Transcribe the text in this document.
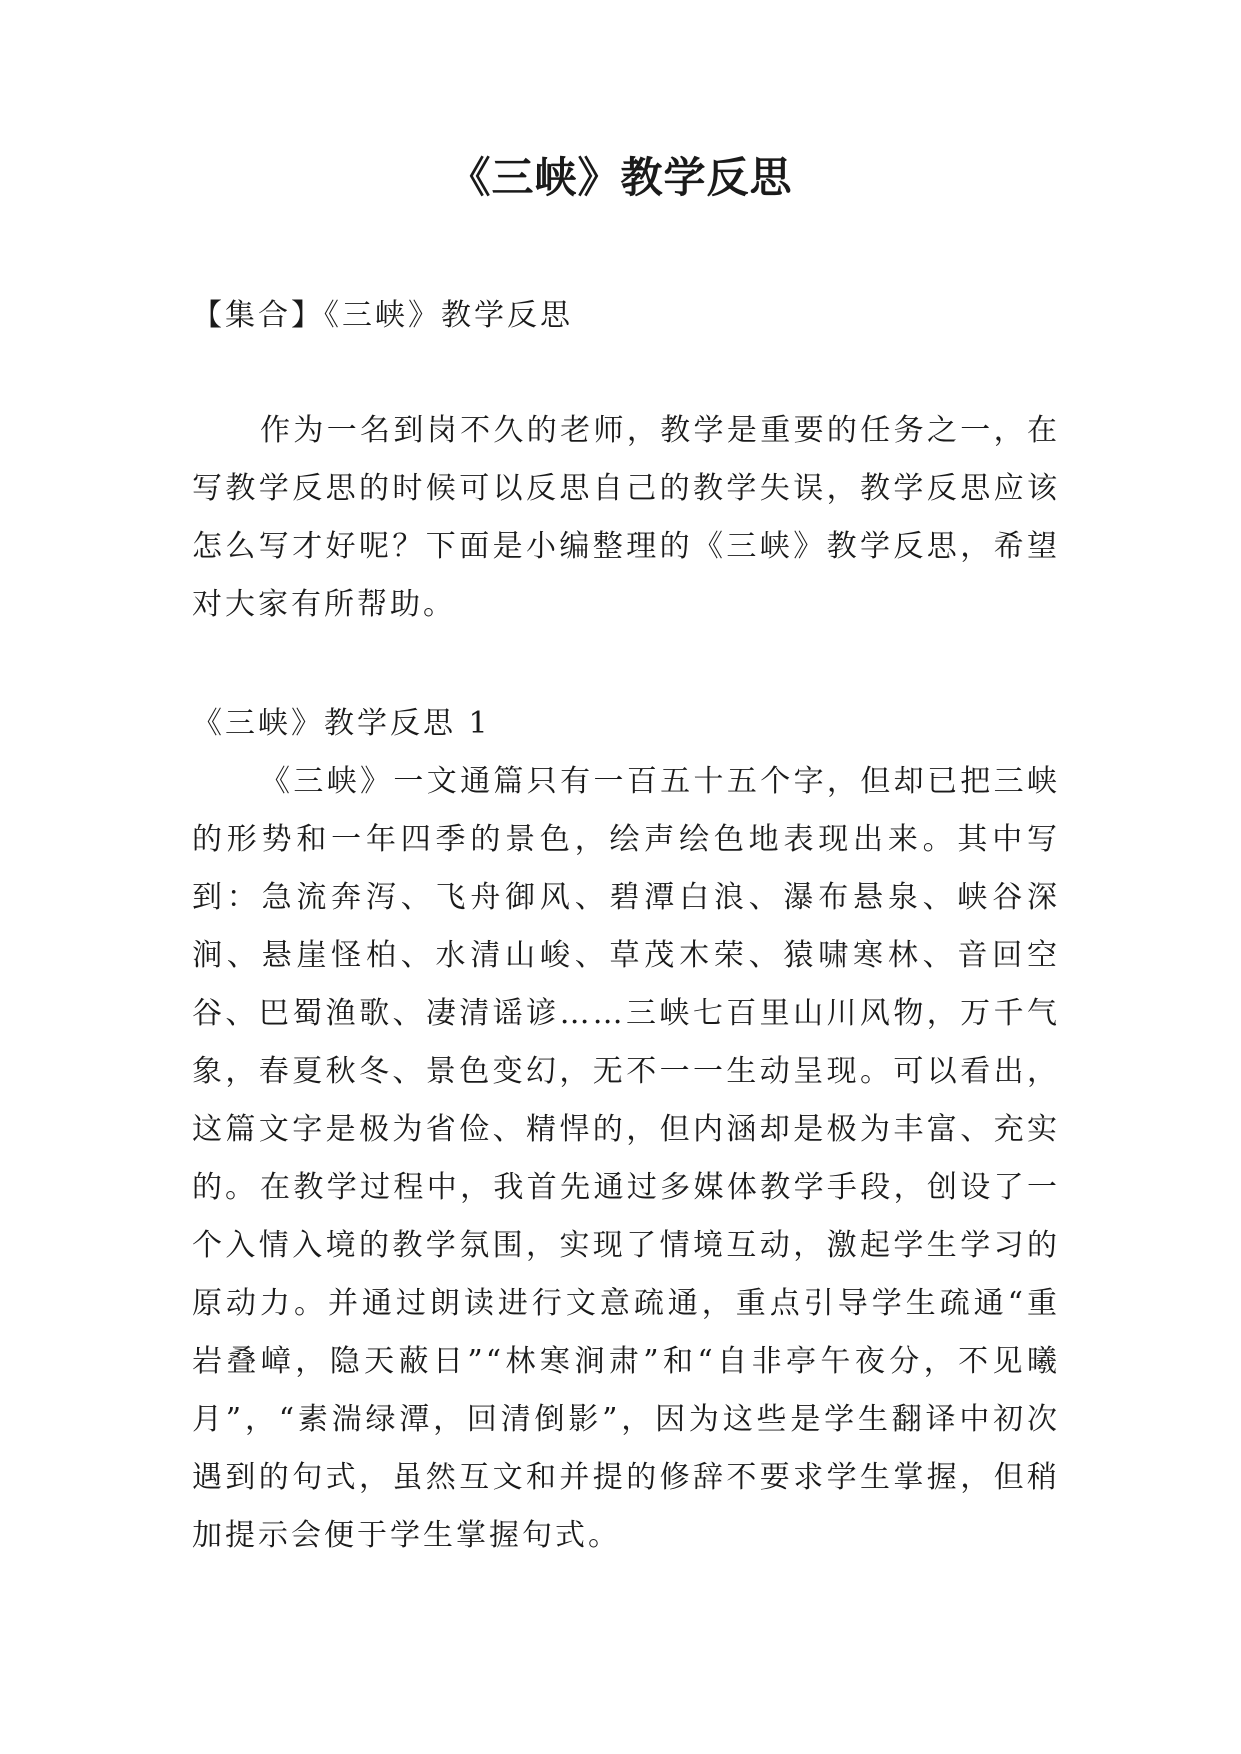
《三峡》教学反思

【集合】《三峡》教学反思

作为一名到岗不久的老师，教学是重要的任务之一，在写教学反思的时候可以反思自己的教学失误，教学反思应该怎么写才好呢？下面是小编整理的《三峡》教学反思，希望对大家有所帮助。

《三峡》教学反思 1

《三峡》一文通篇只有一百五十五个字，但却已把三峡的形势和一年四季的景色，绘声绘色地表现出来。其中写到：急流奔泻、飞舟御风、碧潭白浪、瀑布悬泉、峡谷深涧、悬崖怪柏、水清山峻、草茂木荣、猿啸寒林、音回空谷、巴蜀渔歌、凄清谣谚……三峡七百里山川风物，万千气象，春夏秋冬、景色变幻，无不一一生动呈现。可以看出，这篇文字是极为省俭、精悍的，但内涵却是极为丰富、充实的。 在教学过程中，我首先通过多媒体教学手段，创设了一个入情入境的教学氛围，实现了情境互动，激起学生学习的原动力。并通过朗读进行文意疏通，重点引导学生疏通“重岩叠嶂，隐天蔽日”“林寒涧肃”和“自非亭午夜分，不见曦月”，“素湍绿潭，回清倒影”，因为这些是学生翻译中初次遇到的句式，虽然互文和并提的修辞不要求学生掌握，但稍加提示会便于学生掌握句式。
